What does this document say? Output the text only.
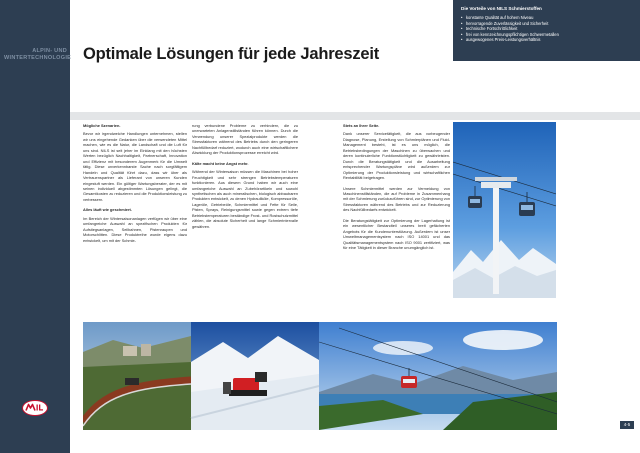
ALPIN- UND
WINTERTECHNOLOGIE Optimale Lösungen für jede Jahreszeit
Die Vorteile von NILS Schmierstoffen
• konstante Qualität auf hohem Niveau
• hervorragende Zuverlässigkeit und Sicherheit
• technische Fortschrittlichkeit
• frei von kennzeichnungspflichtigen Schwermetallen
• ausgewogenes Preis-Leistungsverhältnis

Mögliche Szenarien.

Bevor wir irgendwelche Handlungen unternehmen, stellen wir uns eingehende Gedanken über die verwendeten Mittel machen, wie es die Natur, die Landschaft und die Luft für uns sind. NILS ist seit jeher im Einklang mit den höchsten Werten bezüglich Nachhaltigkeit, Partnerschaft, Innovation und Effizienz mit besonderem Augenmerk für die Umwelt tätig. Diese unverkennbarste Sache nach sorgfältigem Handeln und Qualität führt dazu, dass wir über als Vertrauenspartner als Lieferant von unseren Kunden eingestuft werden. Ein gültiger Wartungsberater, der es mit seinen individuell abgestimmten Lösungen gelingt, die Gesamtkosten zu reduzieren und die Produktionsleistung zu verbessern.

Alles läuft wie geschmiert.

Im Bereich der Wintersaisonanlagen verfügen wir über eine umfangreiche Auswahl an spezifischen Produkten für Aufstiegsanlagen, Seilbahnen, Pistenraupen und Motorschlitten. Diese Produktreihe wurde eigens dazu entwickelt, um mit der Schmie-

rung verbundene Probleme zu verhindern, die zu unerwarteten Anlagenstillständen führen können. Durch die Verwendung unserer Spezialprodukte werden die Stressfaktoren während des Betriebs durch den geringeren Nachfüllbedarf reduziert, wodurch auch eine wirtschaftlichere Abwicklung der Produktionsprozesse erreicht wird.

Kälte macht keine Angst mehr.

Während der Wintersaison müssen die Maschinen bei hoher Feuchtigkeit und sehr strengen Betriebstemperaturen funktionieren. Aus diesem Grund haben wir auch eine umfangreiche Auswahl an Zubehörartikeln und sowohl synthetischen als auch mineralischen, biologisch abbaubaren Produkten entwickelt, zu denen Hydrauliköle, Kompressoröle, Lageröle, Getriebeöle, Schmiermittel und Fette für Seile, Pisten, Sprays, Reinigungsmittel sowie gegen extrem tiefe Betriebstemperaturen beständige Frost- und Rostschutzmittel zählen, die absolute Sicherheit und lange Schmierintervalle gewähren.

Stets an Ihrer Seite.

Dank unserer Servicetätigkeit, die aus vorbeugender Diagnose, Planung, Erstellung von Schmierplänen und Fluid-Management besteht, ist es uns möglich, die Betriebsbedingungen der Maschinen zu überwachen und deren kontinuierliche Funktionstüchtigkeit zu gewährleisten. Durch die Beratungstätigkeit und die Ausarbeitung entsprechender Wartungspläne wird außerdem zur Optimierung der Produktionsleistung und wirtschaftlichen Rentabilität beigetragen.

Unsere Schmiermittel werden zur Vermeidung von Maschinenstillständen, die auf Probleme in Zusammenhang mit der Schmierung zurückzuführen sind, zur Optimierung von Stressfaktoren während des Betriebs und zur Reduzierung des Nachfüllbedarfs entwickelt.

Die Beratungstätigkeit zur Optimierung der Lagerhaltung ist ein wesentlicher Bestandteil unseres breit gefächerten Angebots für die Kundenunterstützung. Außerdem ist unser Umweltmanagementsystem nach ISO 14001 und das Qualitätsmanagementsystem nach ISO 9001 zertifiziert, was für eine Tätigkeit in dieser Branche unumgänglich ist.

4-5
